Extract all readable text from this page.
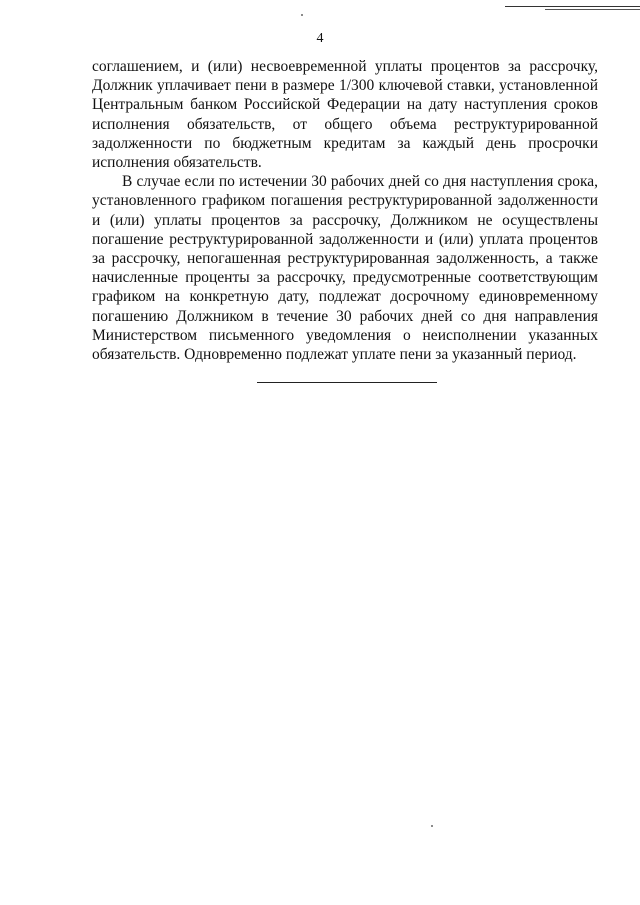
4

соглашением, и (или) несвоевременной уплаты процентов за рассрочку, Должник уплачивает пени в размере 1/300 ключевой ставки, установленной Центральным банком Российской Федерации на дату наступления сроков исполнения обязательств, от общего объема реструктурированной задолженности по бюджетным кредитам за каждый день просрочки исполнения обязательств.

В случае если по истечении 30 рабочих дней со дня наступления срока, установленного графиком погашения реструктурированной задолженности и (или) уплаты процентов за рассрочку, Должником не осуществлены погашение реструктурированной задолженности и (или) уплата процентов за рассрочку, непогашенная реструктурированная задолженность, а также начисленные проценты за рассрочку, предусмотренные соответствующим графиком на конкретную дату, подлежат досрочному единовременному погашению Должником в течение 30 рабочих дней со дня направления Министерством письменного уведомления о неисполнении указанных обязательств. Одновременно подлежат уплате пени за указанный период.
